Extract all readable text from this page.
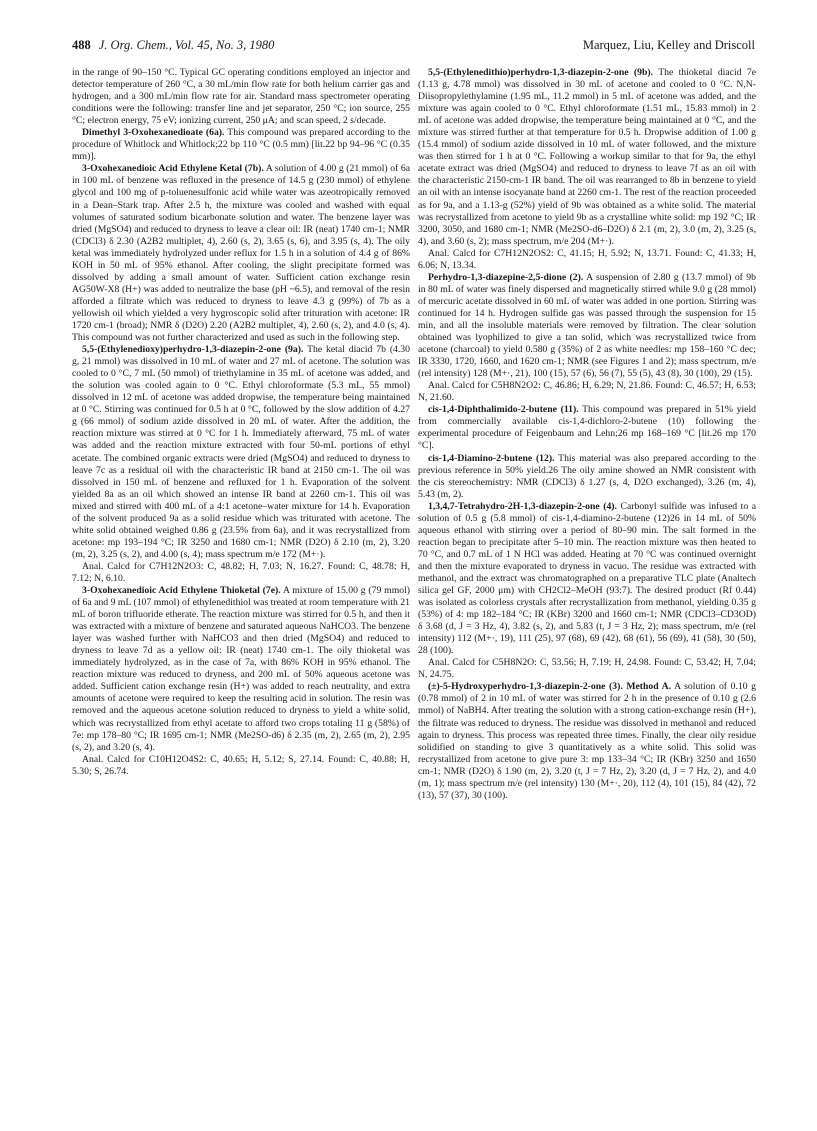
488 J. Org. Chem., Vol. 45, No. 3, 1980	Marquez, Liu, Kelley and Driscoll

in the range of 90–150 °C. Typical GC operating conditions employed an injector and detector temperature of 260 °C, a 30 mL/min flow rate for both helium carrier gas and hydrogen, and a 300 mL/min flow rate for air. Standard mass spectrometer operating conditions were the following: transfer line and jet separator, 250 °C; ion source, 255 °C; electron energy, 75 eV; ionizing current, 250 μA; and scan speed, 2 s/decade.

Dimethyl 3-Oxohexanedioate (6a). This compound was prepared according to the procedure of Whitlock and Whitlock;22 bp 110 °C (0.5 mm) [lit.22 bp 94–96 °C (0.35 mm)].

3-Oxohexanedioic Acid Ethylene Ketal (7b). A solution of 4.00 g (21 mmol) of 6a in 100 mL of benzene was refluxed in the presence of 14.5 g (230 mmol) of ethylene glycol and 100 mg of p-toluenesulfonic acid while water was azeotropically removed in a Dean–Stark trap. After 2.5 h, the mixture was cooled and washed with equal volumes of saturated sodium bicarbonate solution and water. The benzene layer was dried (MgSO4) and reduced to dryness to leave a clear oil: IR (neat) 1740 cm-1; NMR (CDCl3) δ 2.30 (A2B2 multiplet, 4), 2.60 (s, 2), 3.65 (s, 6), and 3.95 (s, 4). The oily ketal was immediately hydrolyzed under reflux for 1.5 h in a solution of 4.4 g of 86% KOH in 50 mL of 95% ethanol. After cooling, the slight precipitate formed was dissolved by adding a small amount of water. Sufficient cation exchange resin AG50W-X8 (H+) was added to neutralize the base (pH ~6.5), and removal of the resin afforded a filtrate which was reduced to dryness to leave 4.3 g (99%) of 7b as a yellowish oil which yielded a very hygroscopic solid after trituration with acetone: IR 1720 cm-1 (broad); NMR δ (D2O) 2.20 (A2B2 multiplet, 4), 2.60 (s, 2), and 4.0 (s, 4). This compound was not further characterized and used as such in the following step.

5,5-(Ethylenedioxy)perhydro-1,3-diazepin-2-one (9a). The ketal diacid 7b (4.30 g, 21 mmol) was dissolved in 10 mL of water and 27 mL of acetone. The solution was cooled to 0 °C, 7 mL (50 mmol) of triethylamine in 35 mL of acetone was added, and the solution was cooled again to 0 °C. Ethyl chloroformate (5.3 mL, 55 mmol) dissolved in 12 mL of acetone was added dropwise, the temperature being maintained at 0 °C. Stirring was continued for 0.5 h at 0 °C, followed by the slow addition of 4.27 g (66 mmol) of sodium azide dissolved in 20 mL of water. After the addition, the reaction mixture was stirred at 0 °C for 1 h. Immediately afterward, 75 mL of water was added and the reaction mixture extracted with four 50-mL portions of ethyl acetate. The combined organic extracts were dried (MgSO4) and reduced to dryness to leave 7c as a residual oil with the characteristic IR band at 2150 cm-1. The oil was dissolved in 150 mL of benzene and refluxed for 1 h. Evaporation of the solvent yielded 8a as an oil which showed an intense IR band at 2260 cm-1. This oil was mixed and stirred with 400 mL of a 4:1 acetone–water mixture for 14 h. Evaporation of the solvent produced 9a as a solid residue which was triturated with acetone. The white solid obtained weighed 0.86 g (23.5% from 6a), and it was recrystallized from acetone: mp 193–194 °C; IR 3250 and 1680 cm-1; NMR (D2O) δ 2.10 (m, 2), 3.20 (m, 2), 3.25 (s, 2), and 4.00 (s, 4); mass spectrum m/e 172 (M+·).

Anal. Calcd for C7H12N2O3: C, 48.82; H, 7.03; N, 16.27. Found: C, 48.78; H, 7.12; N, 6.10.

3-Oxohexanedioic Acid Ethylene Thioketal (7e). A mixture of 15.00 g (79 mmol) of 6a and 9 mL (107 mmol) of ethylenedithiol was treated at room temperature with 21 mL of boron trifluoride etherate. The reaction mixture was stirred for 0.5 h, and then it was extracted with a mixture of benzene and saturated aqueous NaHCO3. The benzene layer was washed further with NaHCO3 and then dried (MgSO4) and reduced to dryness to leave 7d as a yellow oil: IR (neat) 1740 cm-1. The oily thioketal was immediately hydrolyzed, as in the case of 7a, with 86% KOH in 95% ethanol. The reaction mixture was reduced to dryness, and 200 mL of 50% aqueous acetone was added. Sufficient cation exchange resin (H+) was added to reach neutrality, and extra amounts of acetone were required to keep the resulting acid in solution. The resin was removed and the aqueous acetone solution reduced to dryness to yield a white solid, which was recrystallized from ethyl acetate to afford two crops totaling 11 g (58%) of 7e: mp 178–80 °C; IR 1695 cm-1; NMR (Me2SO-d6) δ 2.35 (m, 2), 2.65 (m, 2), 2.95 (s, 2), and 3.20 (s, 4).

Anal. Calcd for C10H12O4S2: C, 40.65; H, 5.12; S, 27.14. Found: C, 40.88; H, 5.30; S, 26.74.

5,5-(Ethylenedithio)perhydro-1,3-diazepin-2-one (9b). The thioketal diacid 7e (1.13 g, 4.78 mmol) was dissolved in 30 mL of acetone and cooled to 0 °C. N,N-Diisopropylethylamine (1.95 mL, 11.2 mmol) in 5 mL of acetone was added, and the mixture was again cooled to 0 °C. Ethyl chloroformate (1.51 mL, 15.83 mmol) in 2 mL of acetone was added dropwise, the temperature being maintained at 0 °C, and the mixture was stirred further at that temperature for 0.5 h. Dropwise addition of 1.00 g (15.4 mmol) of sodium azide dissolved in 10 mL of water followed, and the mixture was then stirred for 1 h at 0 °C. Following a workup similar to that for 9a, the ethyl acetate extract was dried (MgSO4) and reduced to dryness to leave 7f as an oil with the characteristic 2150-cm-1 IR band. The oil was rearranged to 8b in benzene to yield an oil with an intense isocyanate band at 2260 cm-1. The rest of the reaction proceeded as for 9a, and a 1.13-g (52%) yield of 9b was obtained as a white solid. The material was recrystallized from acetone to yield 9b as a crystalline white solid: mp 192 °C; IR 3200, 3050, and 1680 cm-1; NMR (Me2SO-d6–D2O) δ 2.1 (m, 2), 3.0 (m, 2), 3.25 (s, 4), and 3.60 (s, 2); mass spectrum, m/e 204 (M+·).

Anal. Calcd for C7H12N2OS2: C, 41.15; H, 5.92; N, 13.71. Found: C, 41.33; H, 6.06; N, 13.34.

Perhydro-1,3-diazepine-2,5-dione (2). A suspension of 2.80 g (13.7 mmol) of 9b in 80 mL of water was finely dispersed and magnetically stirred while 9.0 g (28 mmol) of mercuric acetate dissolved in 60 mL of water was added in one portion. Stirring was continued for 14 h. Hydrogen sulfide gas was passed through the suspension for 15 min, and all the insoluble materials were removed by filtration. The clear solution obtained was lyophilized to give a tan solid, which was recrystallized twice from acetone (charcoal) to yield 0.580 g (35%) of 2 as white needles: mp 158–160 °C dec; IR 3330, 1720, 1660, and 1620 cm-1; NMR (see Figures 1 and 2); mass spectrum, m/e (rel intensity) 128 (M+·, 21), 100 (15), 57 (6), 56 (7), 55 (5), 43 (8), 30 (100), 29 (15).

Anal. Calcd for C5H8N2O2: C, 46.86; H, 6.29; N, 21.86. Found: C, 46.57; H, 6.53; N, 21.60.

cis-1,4-Diphthalimido-2-butene (11). This compound was prepared in 51% yield from commercially available cis-1,4-dichloro-2-butene (10) following the experimental procedure of Feigenbaum and Lehn;26 mp 168–169 °C [lit.26 mp 170 °C].

cis-1,4-Diamino-2-butene (12). This material was also prepared according to the previous reference in 50% yield.26 The oily amine showed an NMR consistent with the cis stereochemistry: NMR (CDCl3) δ 1.27 (s, 4, D2O exchanged), 3.26 (m, 4), 5.43 (m, 2).

1,3,4,7-Tetrahydro-2H-1,3-diazepin-2-one (4). Carbonyl sulfide was infused to a solution of 0.5 g (5.8 mmol) of cis-1,4-diamino-2-butene (12)26 in 14 mL of 50% aqueous ethanol with stirring over a period of 80–90 min. The salt formed in the reaction began to precipitate after 5–10 min. The reaction mixture was then heated to 70 °C, and 0.7 mL of 1 N HCl was added. Heating at 70 °C was continued overnight and then the mixture evaporated to dryness in vacuo. The residue was extracted with methanol, and the extract was chromatographed on a preparative TLC plate (Analtech silica gel GF, 2000 μm) with CH2Cl2–MeOH (93:7). The desired product (Rf 0.44) was isolated as colorless crystals after recrystallization from methanol, yielding 0.35 g (53%) of 4: mp 182–184 °C; IR (KBr) 3200 and 1660 cm-1; NMR (CDCl3–CD3OD) δ 3.68 (d, J = 3 Hz, 4), 3.82 (s, 2), and 5.83 (t, J = 3 Hz, 2); mass spectrum, m/e (rel intensity) 112 (M+·, 19), 111 (25), 97 (68), 69 (42), 68 (61), 56 (69), 41 (58), 30 (50), 28 (100).

Anal. Calcd for C5H8N2O: C, 53.56; H, 7.19; H, 24.98. Found: C, 53.42; H, 7.04; N, 24.75.

(±)-5-Hydroxyperhydro-1,3-diazepin-2-one (3). Method A. A solution of 0.10 g (0.78 mmol) of 2 in 10 mL of water was stirred for 2 h in the presence of 0.10 g (2.6 mmol) of NaBH4. After treating the solution with a strong cation-exchange resin (H+), the filtrate was reduced to dryness. The residue was dissolved in methanol and reduced again to dryness. This process was repeated three times. Finally, the clear oily residue solidified on standing to give 3 quantitatively as a white solid. This solid was recrystallized from acetone to give pure 3: mp 133–34 °C; IR (KBr) 3250 and 1650 cm-1; NMR (D2O) δ 1.90 (m, 2), 3.20 (t, J = 7 Hz, 2), 3.20 (d, J = 7 Hz, 2), and 4.0 (m, 1); mass spectrum m/e (rel intensity) 130 (M+·, 20), 112 (4), 101 (15), 84 (42), 72 (13), 57 (37), 30 (100).
